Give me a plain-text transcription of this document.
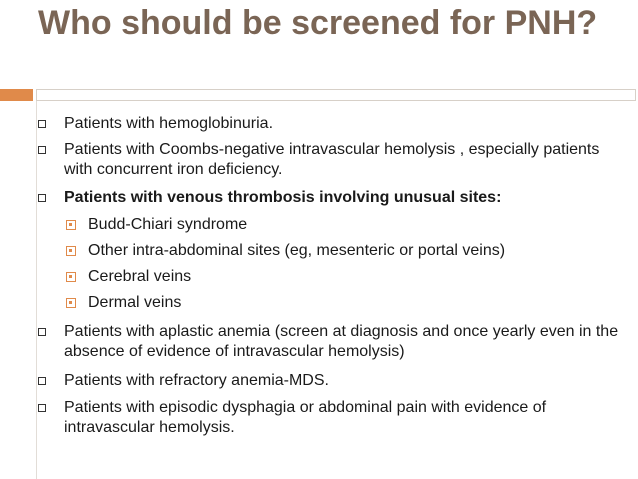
Who should be screened for PNH?
Patients with hemoglobinuria.
Patients with Coombs-negative intravascular hemolysis , especially patients with concurrent iron deficiency.
Patients with venous thrombosis involving unusual sites:
Budd-Chiari syndrome
Other intra-abdominal sites (eg, mesenteric or portal veins)
Cerebral veins
Dermal veins
Patients with aplastic anemia (screen at diagnosis and once yearly even in the absence of evidence of intravascular hemolysis)
Patients with refractory anemia-MDS.
Patients with episodic dysphagia or abdominal pain with evidence of intravascular hemolysis.
